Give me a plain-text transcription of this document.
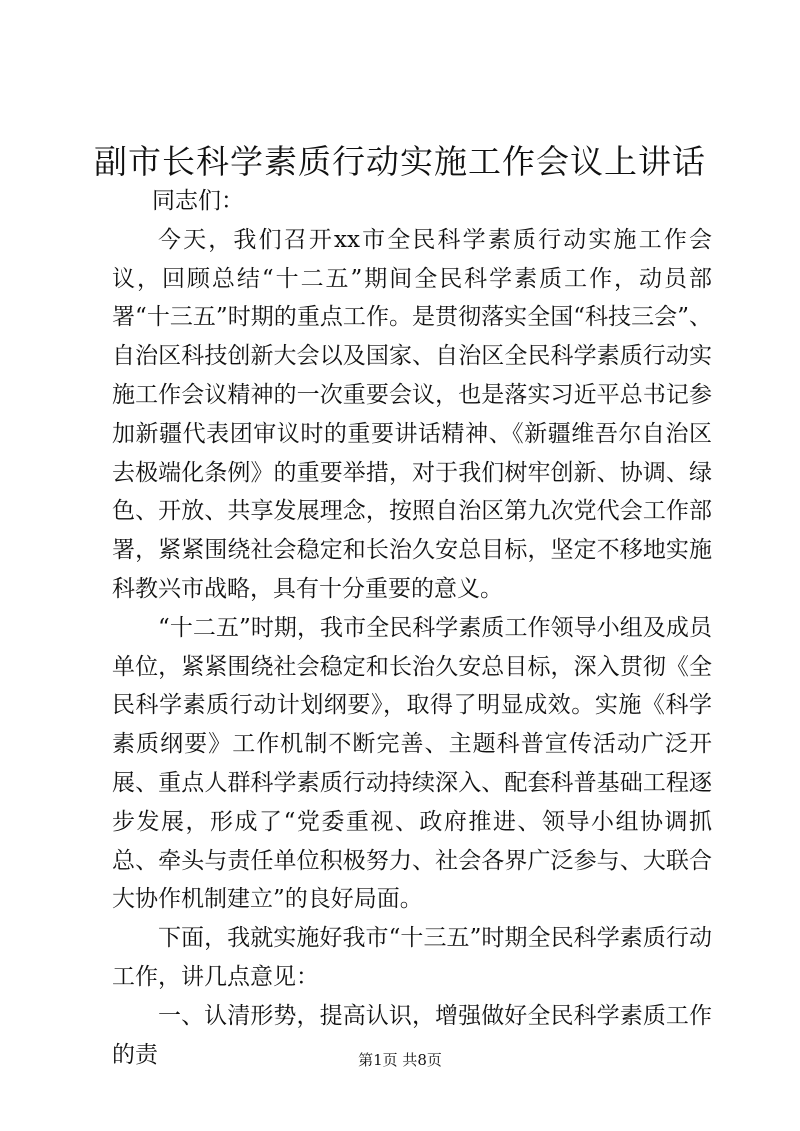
副市长科学素质行动实施工作会议上讲话

同志们：

今天，我们召开xx市全民科学素质行动实施工作会议，回顾总结“十二五”期间全民科学素质工作，动员部署“十三五”时期的重点工作。是贯彻落实全国“科技三会”、自治区科技创新大会以及国家、自治区全民科学素质行动实施工作会议精神的一次重要会议，也是落实习近平总书记参加新疆代表团审议时的重要讲话精神、《新疆维吾尔自治区去极端化条例》的重要举措，对于我们树牢创新、协调、绿色、开放、共享发展理念，按照自治区第九次党代会工作部署，紧紧围绕社会稳定和长治久安总目标，坚定不移地实施科教兴市战略，具有十分重要的意义。

“十二五”时期，我市全民科学素质工作领导小组及成员单位，紧紧围绕社会稳定和长治久安总目标，深入贯彻《全民科学素质行动计划纲要》，取得了明显成效。实施《科学素质纲要》工作机制不断完善、主题科普宣传活动广泛开展、重点人群科学素质行动持续深入、配套科普基础工程逐步发展，形成了“党委重视、政府推进、领导小组协调抓总、牵头与责任单位积极努力、社会各界广泛参与、大联合大协作机制建立”的良好局面。

下面，我就实施好我市“十三五”时期全民科学素质行动工作，讲几点意见：

一、认清形势，提高认识，增强做好全民科学素质工作的责	第1页 共8页
